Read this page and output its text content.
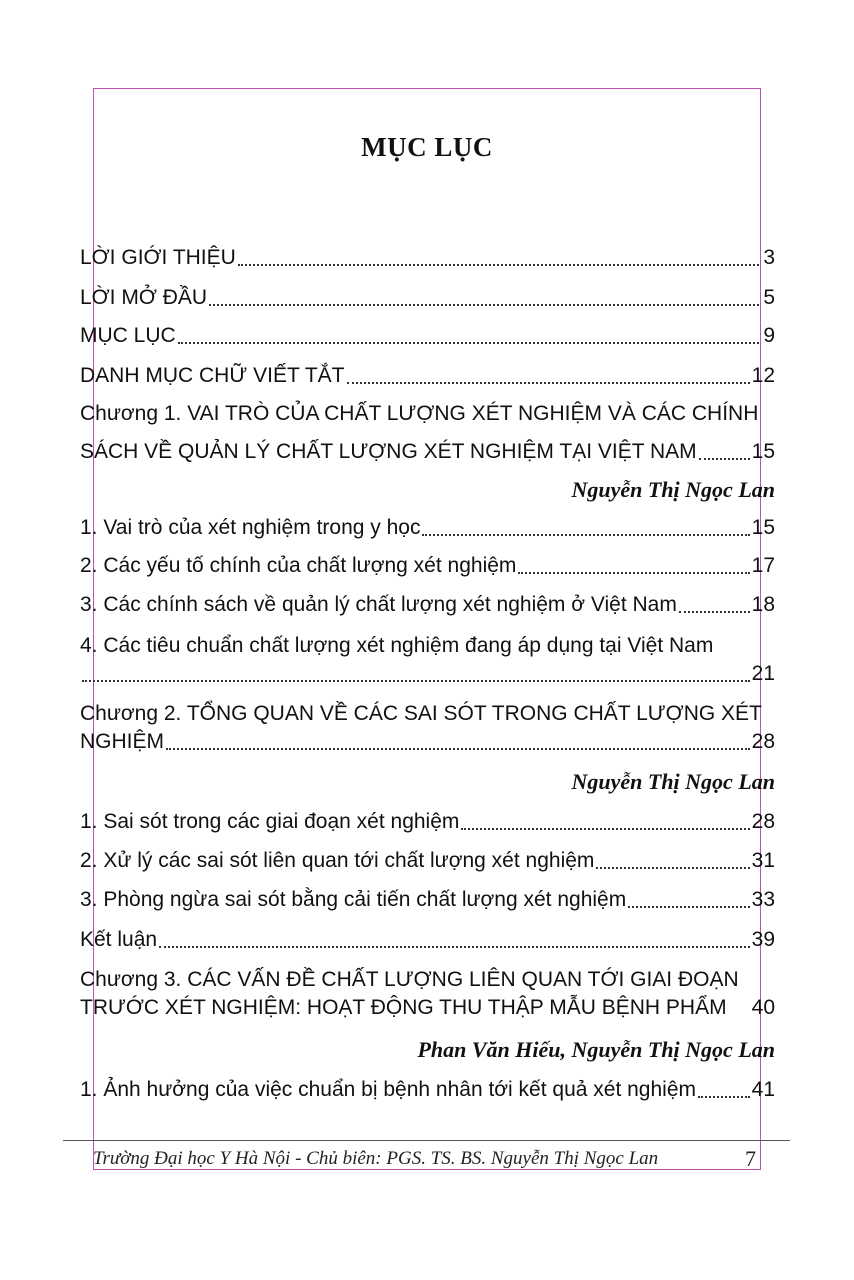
MỤC LỤC
LỜI GIỚI THIỆU	3
LỜI MỞ ĐẦU	5
MỤC LỤC	9
DANH MỤC CHỮ VIẾT TẮT	12
Chương 1. VAI TRÒ CỦA CHẤT LƯỢNG XÉT NGHIỆM VÀ CÁC CHÍNH
SÁCH VỀ QUẢN LÝ CHẤT LƯỢNG XÉT NGHIỆM TẠI VIỆT NAM	15
Nguyễn Thị Ngọc Lan
1. Vai trò của xét nghiệm trong y học	15
2. Các yếu tố chính của chất lượng xét nghiệm	17
3. Các chính sách về quản lý chất lượng xét nghiệm ở Việt Nam	18
4. Các tiêu chuẩn chất lượng xét nghiệm đang áp dụng tại Việt Nam
21
Chương 2. TỔNG QUAN VỀ CÁC SAI SÓT TRONG CHẤT LƯỢNG XÉT
NGHIỆM	28
Nguyễn Thị Ngọc Lan
1. Sai sót trong các giai đoạn xét nghiệm	28
2. Xử lý các sai sót liên quan tới chất lượng xét nghiệm	31
3. Phòng ngừa sai sót bằng cải tiến chất lượng xét nghiệm	33
Kết luận	39
Chương 3. CÁC VẤN ĐỀ CHẤT LƯỢNG LIÊN QUAN TỚI GIAI ĐOẠN
TRƯỚC XÉT NGHIỆM: HOẠT ĐỘNG THU THẬP MẪU BỆNH PHẨM 40
Phan Văn Hiếu, Nguyễn Thị Ngọc Lan
1. Ảnh hưởng của việc chuẩn bị bệnh nhân tới kết quả xét nghiệm	41
Trường Đại học Y Hà Nội - Chủ biên: PGS. TS. BS. Nguyễn Thị Ngọc Lan	7
